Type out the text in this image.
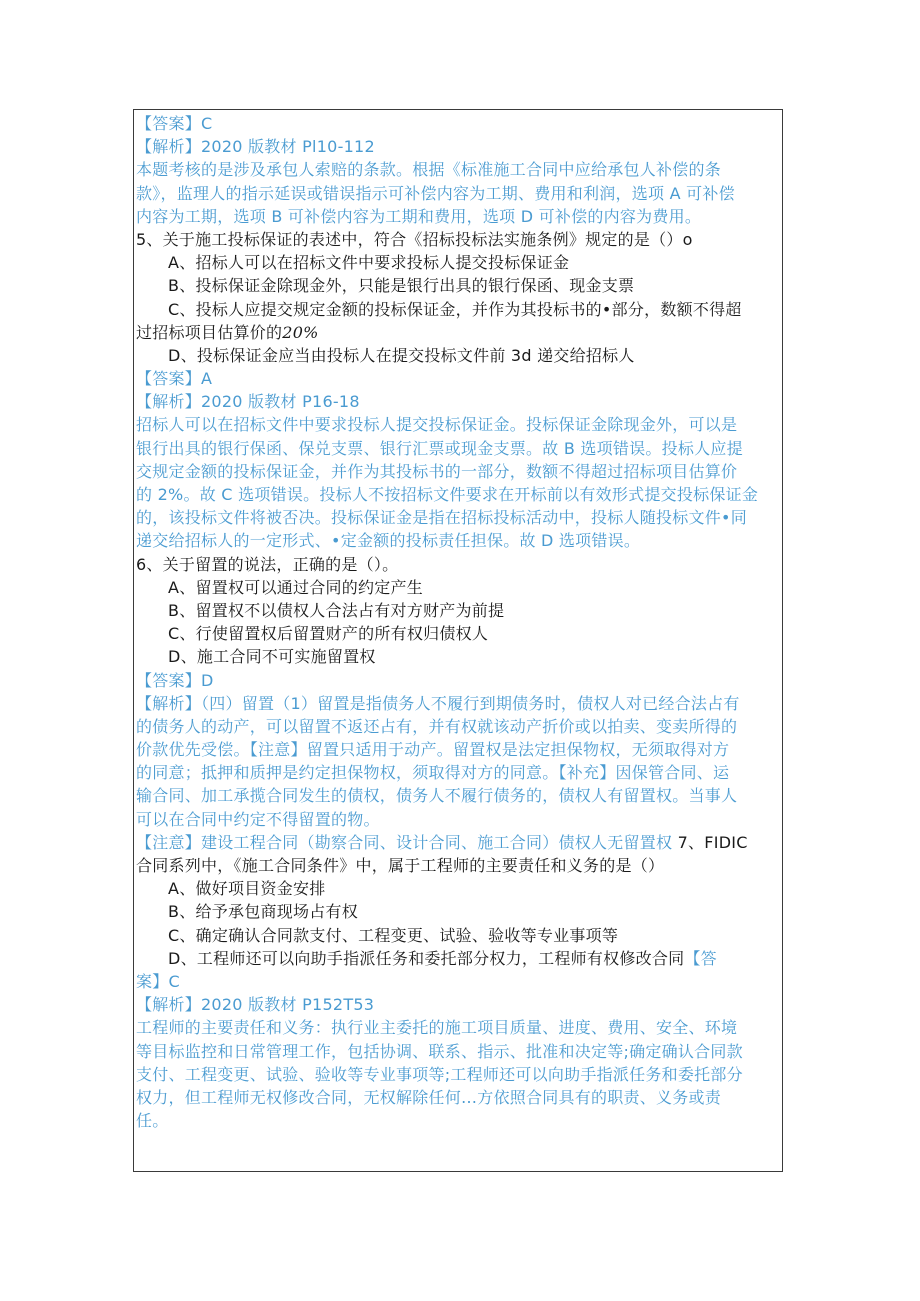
【答案】C
【解析】2020 版教材 Pl10-112
本题考核的是涉及承包人索赔的条款。根据《标准施工合同中应给承包人补偿的条
款》，监理人的指示延误或错误指示可补偿内容为工期、费用和利润，选项 A 可补偿
内容为工期，选项 B 可补偿内容为工期和费用，选项 D 可补偿的内容为费用。
5、关于施工投标保证的表述中，符合《招标投标法实施条例》规定的是（）o
A、招标人可以在招标文件中要求投标人提交投标保证金
B、投标保证金除现金外，只能是银行出具的银行保函、现金支票
C、投标人应提交规定金额的投标保证金，并作为其投标书的•部分，数额不得超
过招标项目估算价的20%
D、投标保证金应当由投标人在提交投标文件前 3d 递交给招标人
【答案】A
【解析】2020 版教材 P16-18
招标人可以在招标文件中要求投标人提交投标保证金。投标保证金除现金外，可以是
银行出具的银行保函、保兑支票、银行汇票或现金支票。故 B 选项错误。投标人应提
交规定金额的投标保证金，并作为其投标书的一部分，数额不得超过招标项目估算价
的 2%。故 C 选项错误。投标人不按招标文件要求在开标前以有效形式提交投标保证金
的，该投标文件将被否决。投标保证金是指在招标投标活动中，投标人随投标文件•同
递交给招标人的一定形式、•定金额的投标责任担保。故 D 选项错误。
6、关于留置的说法，正确的是（）。
A、留置权可以通过合同的约定产生
B、留置权不以债权人合法占有对方财产为前提
C、行使留置权后留置财产的所有权归债权人
D、施工合同不可实施留置权
【答案】D
【解析】（四）留置（1）留置是指债务人不履行到期债务时，债权人对已经合法占有
的债务人的动产，可以留置不返还占有，并有权就该动产折价或以拍卖、变卖所得的
价款优先受偿。【注意】留置只适用于动产。留置权是法定担保物权，无须取得对方
的同意；抵押和质押是约定担保物权，须取得对方的同意。【补充】因保管合同、运
输合同、加工承揽合同发生的债权，债务人不履行债务的，债权人有留置权。当事人
可以在合同中约定不得留置的物。
【注意】建设工程合同（勘察合同、设计合同、施工合同）债权人无留置权 7、FIDIC
合同系列中，《施工合同条件》中，属于工程师的主要责任和义务的是（）
A、做好项目资金安排
B、给予承包商现场占有权
C、确定确认合同款支付、工程变更、试验、验收等专业事项等
D、工程师还可以向助手指派任务和委托部分权力，工程师有权修改合同【答
案】C
【解析】2020 版教材 P152T53
工程师的主要责任和义务：执行业主委托的施工项目质量、进度、费用、安全、环境
等目标监控和日常管理工作，包括协调、联系、指示、批准和决定等;确定确认合同款
支付、工程变更、试验、验收等专业事项等;工程师还可以向助手指派任务和委托部分
权力，但工程师无权修改合同，无权解除任何…方依照合同具有的职责、义务或责
任。
